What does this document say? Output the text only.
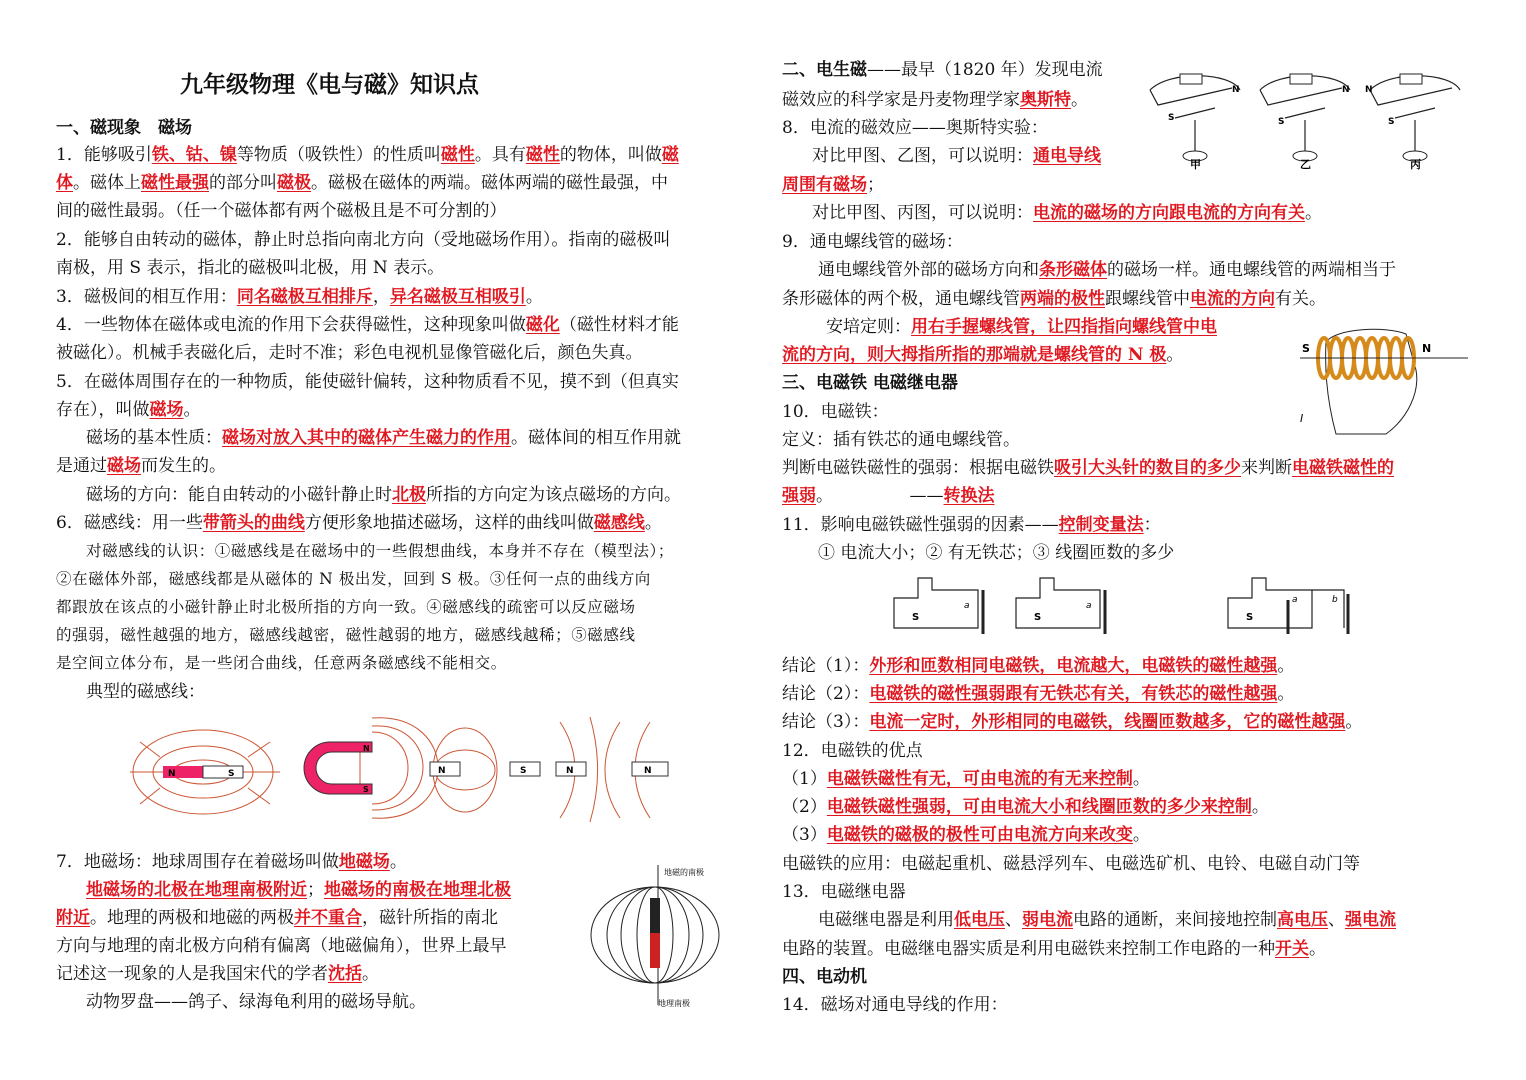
九年级物理《电与磁》知识点
一、磁现象　磁场
1．能够吸引铁、钴、镍等物质（吸铁性）的性质叫磁性。具有磁性的物体，叫做磁
体。磁体上磁性最强的部分叫磁极。磁极在磁体的两端。磁体两端的磁性最强，中
间的磁性最弱。（任一个磁体都有两个磁极且是不可分割的）
2．能够自由转动的磁体，静止时总指向南北方向（受地磁场作用）。指南的磁极叫
南极，用 S 表示，指北的磁极叫北极，用 N 表示。
3．磁极间的相互作用：同名磁极互相排斥，异名磁极互相吸引。
4．一些物体在磁体或电流的作用下会获得磁性，这种现象叫做磁化（磁性材料才能
被磁化）。机械手表磁化后，走时不准；彩色电视机显像管磁化后，颜色失真。
5．在磁体周围存在的一种物质，能使磁针偏转，这种物质看不见，摸不到（但真实
存在），叫做磁场。
磁场的基本性质：磁场对放入其中的磁体产生磁力的作用。磁体间的相互作用就
是通过磁场而发生的。
磁场的方向：能自由转动的小磁针静止时北极所指的方向定为该点磁场的方向。
6．磁感线：用一些带箭头的曲线方便形象地描述磁场，这样的曲线叫做磁感线。
对磁感线的认识：①磁感线是在磁场中的一些假想曲线，本身并不存在（模型法）；
②在磁体外部，磁感线都是从磁体的 N 极出发，回到 S 极。③任何一点的曲线方向
都跟放在该点的小磁针静止时北极所指的方向一致。④磁感线的疏密可以反应磁场
的强弱，磁性越强的地方，磁感线越密，磁性越弱的地方，磁感线越稀；⑤磁感线
是空间立体分布，是一些闭合曲线，任意两条磁感线不能相交。
典型的磁感线：
7．地磁场：地球周围存在着磁场叫做地磁场。
地磁场的北极在地理南极附近；地磁场的南极在地理北极
附近。地理的两极和地磁的两极并不重合，磁针所指的南北
方向与地理的南北极方向稍有偏离（地磁偏角），世界上最早
记述这一现象的人是我国宋代的学者沈括。
动物罗盘——鸽子、绿海龟利用的磁场导航。
N	S
N
S
N	S	N	N
地磁的南极
地理南极
二、电生磁——最早（1820 年）发现电流
磁效应的科学家是丹麦物理学家奥斯特。
8．电流的磁效应——奥斯特实验：
对比甲图、乙图，可以说明：通电导线
周围有磁场；
对比甲图、丙图，可以说明：电流的磁场的方向跟电流的方向有关。
9．通电螺线管的磁场：
通电螺线管外部的磁场方向和条形磁体的磁场一样。通电螺线管的两端相当于
条形磁体的两个极，通电螺线管两端的极性跟螺线管中电流的方向有关。
安培定则：用右手握螺线管，让四指指向螺线管中电
流的方向，则大拇指所指的那端就是螺线管的 N 极。
三、电磁铁 电磁继电器
10．电磁铁：
定义：插有铁芯的通电螺线管。
判断电磁铁磁性的强弱：根据电磁铁吸引大头针的数目的多少来判断电磁铁磁性的
强弱。　　　　　——转换法
11．影响电磁铁磁性强弱的因素——控制变量法：
① 电流大小；② 有无铁芯；③ 线圈匝数的多少
结论（1）：外形和匝数相同电磁铁，电流越大，电磁铁的磁性越强。
结论（2）：电磁铁的磁性强弱跟有无铁芯有关，有铁芯的磁性越强。
结论（3）：电流一定时，外形相同的电磁铁，线圈匝数越多，它的磁性越强。
12．电磁铁的优点
（1）电磁铁磁性有无，可由电流的有无来控制。
（2）电磁铁磁性强弱，可由电流大小和线圈匝数的多少来控制。
（3）电磁铁的磁极的极性可由电流方向来改变。
电磁铁的应用：电磁起重机、磁悬浮列车、电磁选矿机、电铃、电磁自动门等
13．电磁继电器
电磁继电器是利用低电压、弱电流电路的通断，来间接地控制高电压、强电流
电路的装置。电磁继电器实质是利用电磁铁来控制工作电路的一种开关。
四、电动机
14．磁场对通电导线的作用：
S
N
S
N
S
N
甲	乙	丙
S	N
I
S	S	S
a	a
a	b
